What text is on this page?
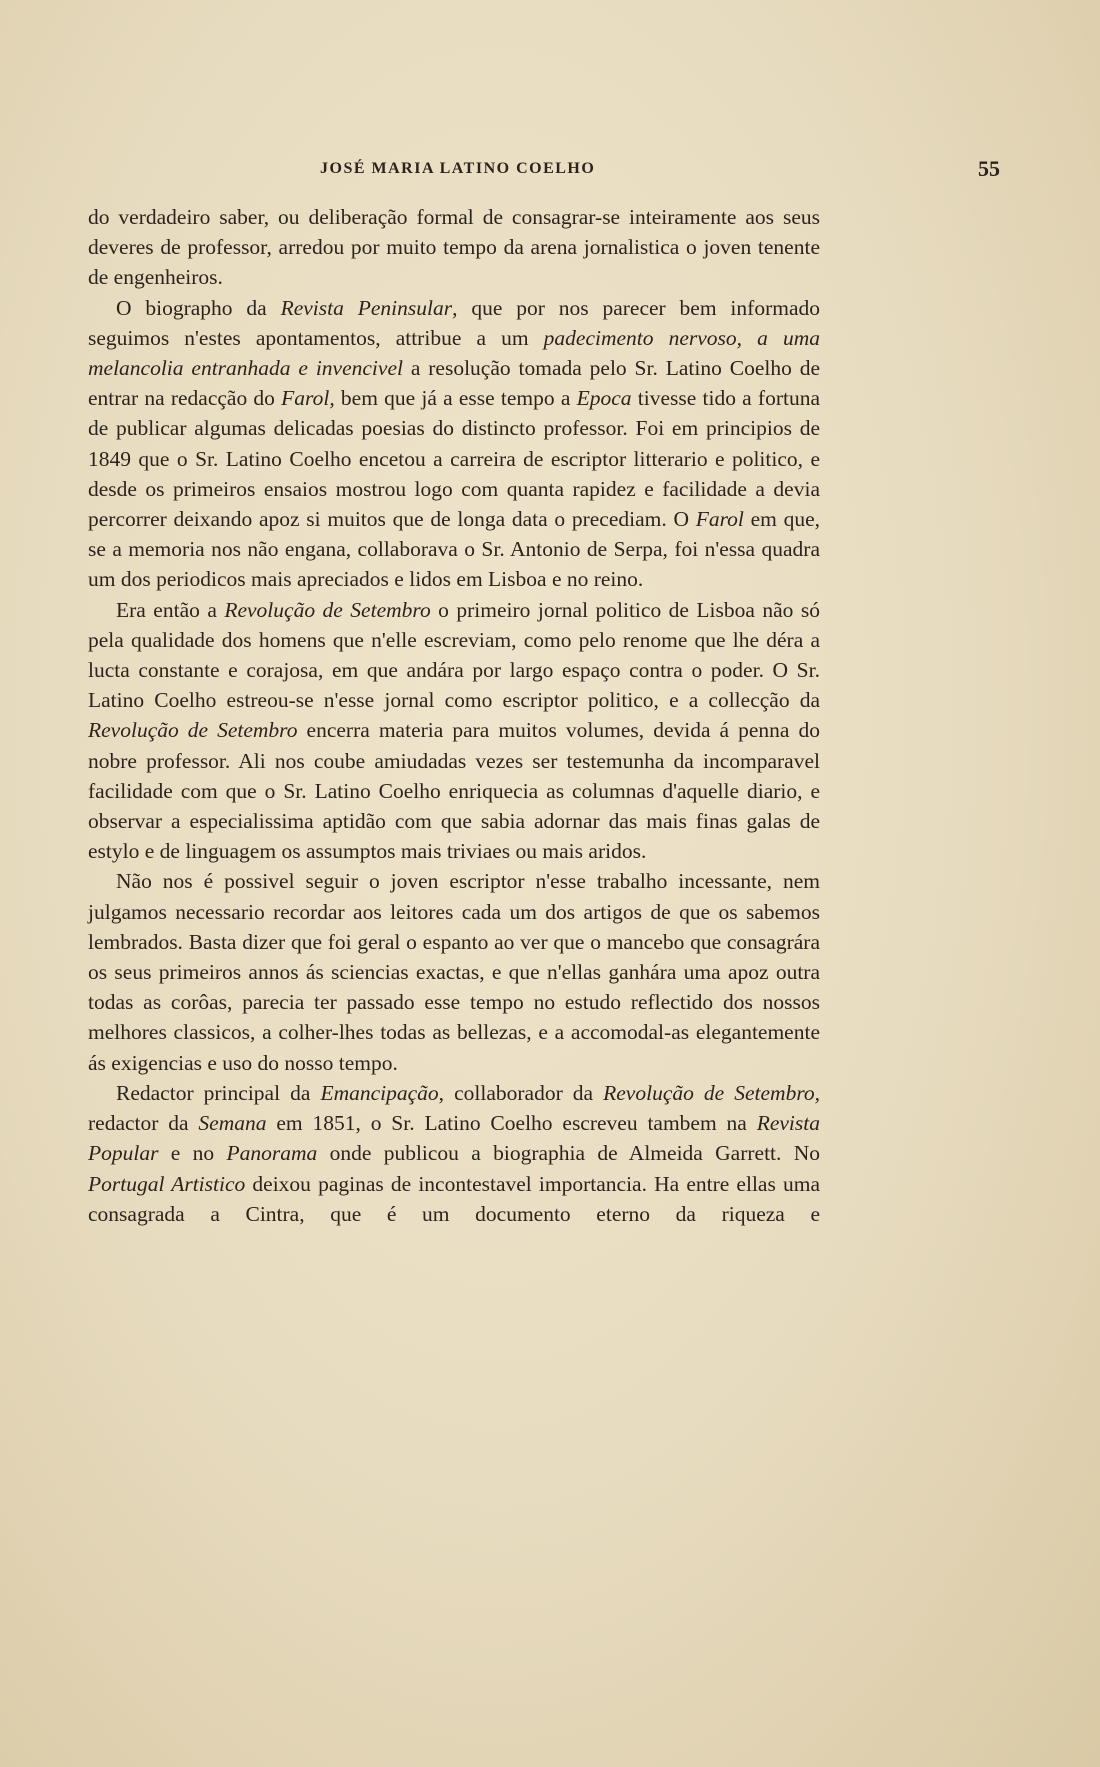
JOSÉ MARIA LATINO COELHO	55

do verdadeiro saber, ou deliberação formal de consagrar-se inteiramente aos seus deveres de professor, arredou por muito tempo da arena jornalistica o joven tenente de engenheiros.

O biographo da Revista Peninsular, que por nos parecer bem informado seguimos n'estes apontamentos, attribue a um padecimento nervoso, a uma melancolia entranhada e invencivel a resolução tomada pelo Sr. Latino Coelho de entrar na redacção do Farol, bem que já a esse tempo a Epoca tivesse tido a fortuna de publicar algumas delicadas poesias do distincto professor. Foi em principios de 1849 que o Sr. Latino Coelho encetou a carreira de escriptor litterario e politico, e desde os primeiros ensaios mostrou logo com quanta rapidez e facilidade a devia percorrer deixando apoz si muitos que de longa data o precediam. O Farol em que, se a memoria nos não engana, collaborava o Sr. Antonio de Serpa, foi n'essa quadra um dos periodicos mais apreciados e lidos em Lisboa e no reino.

Era então a Revolução de Setembro o primeiro jornal politico de Lisboa não só pela qualidade dos homens que n'elle escreviam, como pelo renome que lhe déra a lucta constante e corajosa, em que andára por largo espaço contra o poder. O Sr. Latino Coelho estreou-se n'esse jornal como escriptor politico, e a collecção da Revolução de Setembro encerra materia para muitos volumes, devida á penna do nobre professor. Ali nos coube amiudadas vezes ser testemunha da incomparavel facilidade com que o Sr. Latino Coelho enriquecia as columnas d'aquelle diario, e observar a especialissima aptidão com que sabia adornar das mais finas galas de estylo e de linguagem os assumptos mais triviaes ou mais aridos.

Não nos é possivel seguir o joven escriptor n'esse trabalho incessante, nem julgamos necessario recordar aos leitores cada um dos artigos de que os sabemos lembrados. Basta dizer que foi geral o espanto ao ver que o mancebo que consagrára os seus primeiros annos ás sciencias exactas, e que n'ellas ganhára uma apoz outra todas as corôas, parecia ter passado esse tempo no estudo reflectido dos nossos melhores classicos, a colher-lhes todas as bellezas, e a accomodal-as elegantemente ás exigencias e uso do nosso tempo.

Redactor principal da Emancipação, collaborador da Revolução de Setembro, redactor da Semana em 1851, o Sr. Latino Coelho escreveu tambem na Revista Popular e no Panorama onde publicou a biographia de Almeida Garrett. No Portugal Artistico deixou paginas de incontestavel importancia. Ha entre ellas uma consagrada a Cintra, que é um documento eterno da riqueza e
